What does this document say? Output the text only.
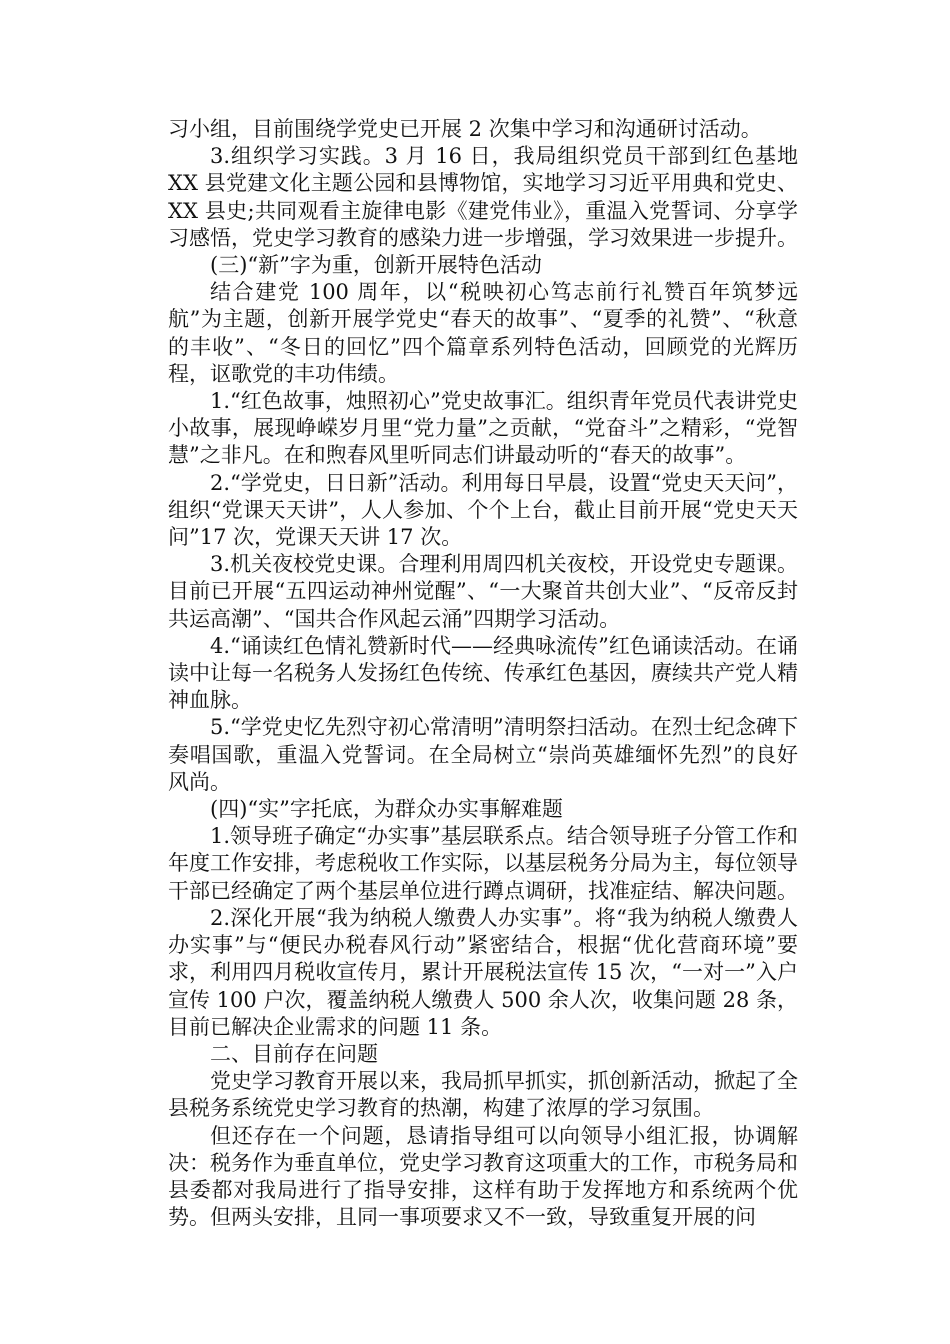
习小组，目前围绕学党史已开展 2 次集中学习和沟通研讨活动。

3.组织学习实践。3 月 16 日，我局组织党员干部到红色基地 XX 县党建文化主题公园和县博物馆，实地学习习近平用典和党史、XX 县史;共同观看主旋律电影《建党伟业》，重温入党誓词、分享学习感悟，党史学习教育的感染力进一步增强，学习效果进一步提升。

(三)“新”字为重，创新开展特色活动

结合建党 100 周年，以“税映初心笃志前行礼赞百年筑梦远航”为主题，创新开展学党史“春天的故事”、“夏季的礼赞”、“秋意的丰收”、“冬日的回忆”四个篇章系列特色活动，回顾党的光辉历程，讴歌党的丰功伟绩。

1.“红色故事，烛照初心”党史故事汇。组织青年党员代表讲党史小故事，展现峥嵘岁月里“党力量”之贡献，“党奋斗”之精彩，“党智慧”之非凡。在和煦春风里听同志们讲最动听的“春天的故事”。

2.“学党史，日日新”活动。利用每日早晨，设置“党史天天问”，组织“党课天天讲”，人人参加、个个上台，截止目前开展“党史天天问”17 次，党课天天讲 17 次。

3.机关夜校党史课。合理利用周四机关夜校，开设党史专题课。目前已开展“五四运动神州觉醒”、“一大聚首共创大业”、“反帝反封共运高潮”、“国共合作风起云涌”四期学习活动。

4.“诵读红色情礼赞新时代——经典咏流传”红色诵读活动。在诵读中让每一名税务人发扬红色传统、传承红色基因，赓续共产党人精神血脉。

5.“学党史忆先烈守初心常清明”清明祭扫活动。在烈士纪念碑下奏唱国歌，重温入党誓词。在全局树立“崇尚英雄缅怀先烈”的良好风尚。

(四)“实”字托底，为群众办实事解难题

1.领导班子确定“办实事”基层联系点。结合领导班子分管工作和年度工作安排，考虑税收工作实际，以基层税务分局为主，每位领导干部已经确定了两个基层单位进行蹲点调研，找准症结、解决问题。

2.深化开展“我为纳税人缴费人办实事”。将“我为纳税人缴费人办实事”与“便民办税春风行动”紧密结合，根据“优化营商环境”要求，利用四月税收宣传月，累计开展税法宣传 15 次，“一对一”入户宣传 100 户次，覆盖纳税人缴费人 500 余人次，收集问题 28 条，目前已解决企业需求的问题 11 条。

二、目前存在问题

党史学习教育开展以来，我局抓早抓实，抓创新活动，掀起了全县税务系统党史学习教育的热潮，构建了浓厚的学习氛围。

但还存在一个问题，恳请指导组可以向领导小组汇报，协调解决：税务作为垂直单位，党史学习教育这项重大的工作，市税务局和县委都对我局进行了指导安排，这样有助于发挥地方和系统两个优势。但两头安排，且同一事项要求又不一致，导致重复开展的问
